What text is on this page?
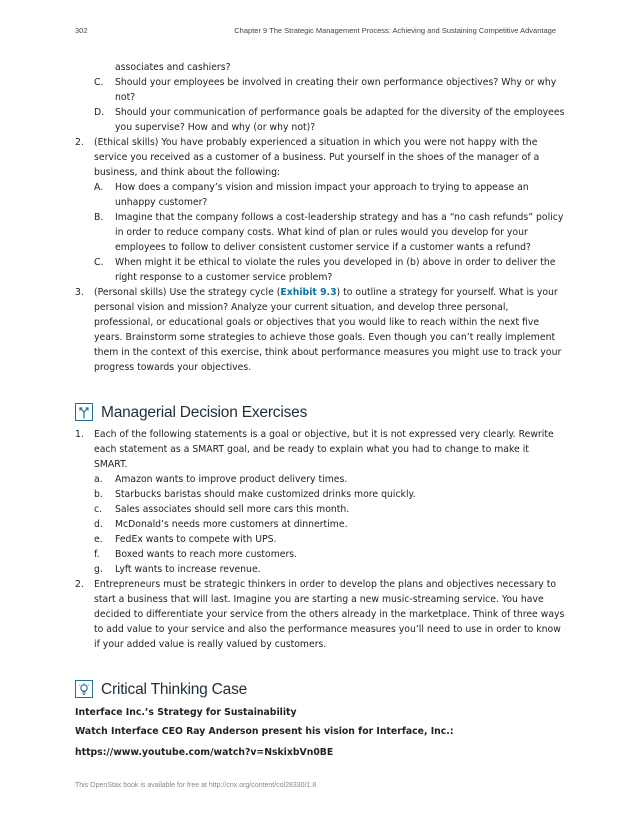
302	Chapter 9 The Strategic Management Process: Achieving and Sustaining Competitive Advantage
associates and cashiers?
C.	Should your employees be involved in creating their own performance objectives? Why or why not?
D.	Should your communication of performance goals be adapted for the diversity of the employees you supervise? How and why (or why not)?
2.	(Ethical skills) You have probably experienced a situation in which you were not happy with the service you received as a customer of a business. Put yourself in the shoes of the manager of a business, and think about the following:
A.	How does a company’s vision and mission impact your approach to trying to appease an unhappy customer?
B.	Imagine that the company follows a cost-leadership strategy and has a “no cash refunds” policy in order to reduce company costs. What kind of plan or rules would you develop for your employees to follow to deliver consistent customer service if a customer wants a refund?
C.	When might it be ethical to violate the rules you developed in (b) above in order to deliver the right response to a customer service problem?
3.	(Personal skills) Use the strategy cycle (Exhibit 9.3) to outline a strategy for yourself. What is your personal vision and mission? Analyze your current situation, and develop three personal, professional, or educational goals or objectives that you would like to reach within the next five years. Brainstorm some strategies to achieve those goals. Even though you can’t really implement them in the context of this exercise, think about performance measures you might use to track your progress towards your objectives.
Managerial Decision Exercises
1.	Each of the following statements is a goal or objective, but it is not expressed very clearly. Rewrite each statement as a SMART goal, and be ready to explain what you had to change to make it SMART.
a.	Amazon wants to improve product delivery times.
b.	Starbucks baristas should make customized drinks more quickly.
c.	Sales associates should sell more cars this month.
d.	McDonald’s needs more customers at dinnertime.
e.	FedEx wants to compete with UPS.
f.	Boxed wants to reach more customers.
g.	Lyft wants to increase revenue.
2.	Entrepreneurs must be strategic thinkers in order to develop the plans and objectives necessary to start a business that will last. Imagine you are starting a new music-streaming service. You have decided to differentiate your service from the others already in the marketplace. Think of three ways to add value to your service and also the performance measures you’ll need to use in order to know if your added value is really valued by customers.
Critical Thinking Case
Interface Inc.’s Strategy for Sustainability
Watch Interface CEO Ray Anderson present his vision for Interface, Inc.:
https://www.youtube.com/watch?v=NskixbVn0BE
This OpenStax book is available for free at http://cnx.org/content/col28330/1.8
